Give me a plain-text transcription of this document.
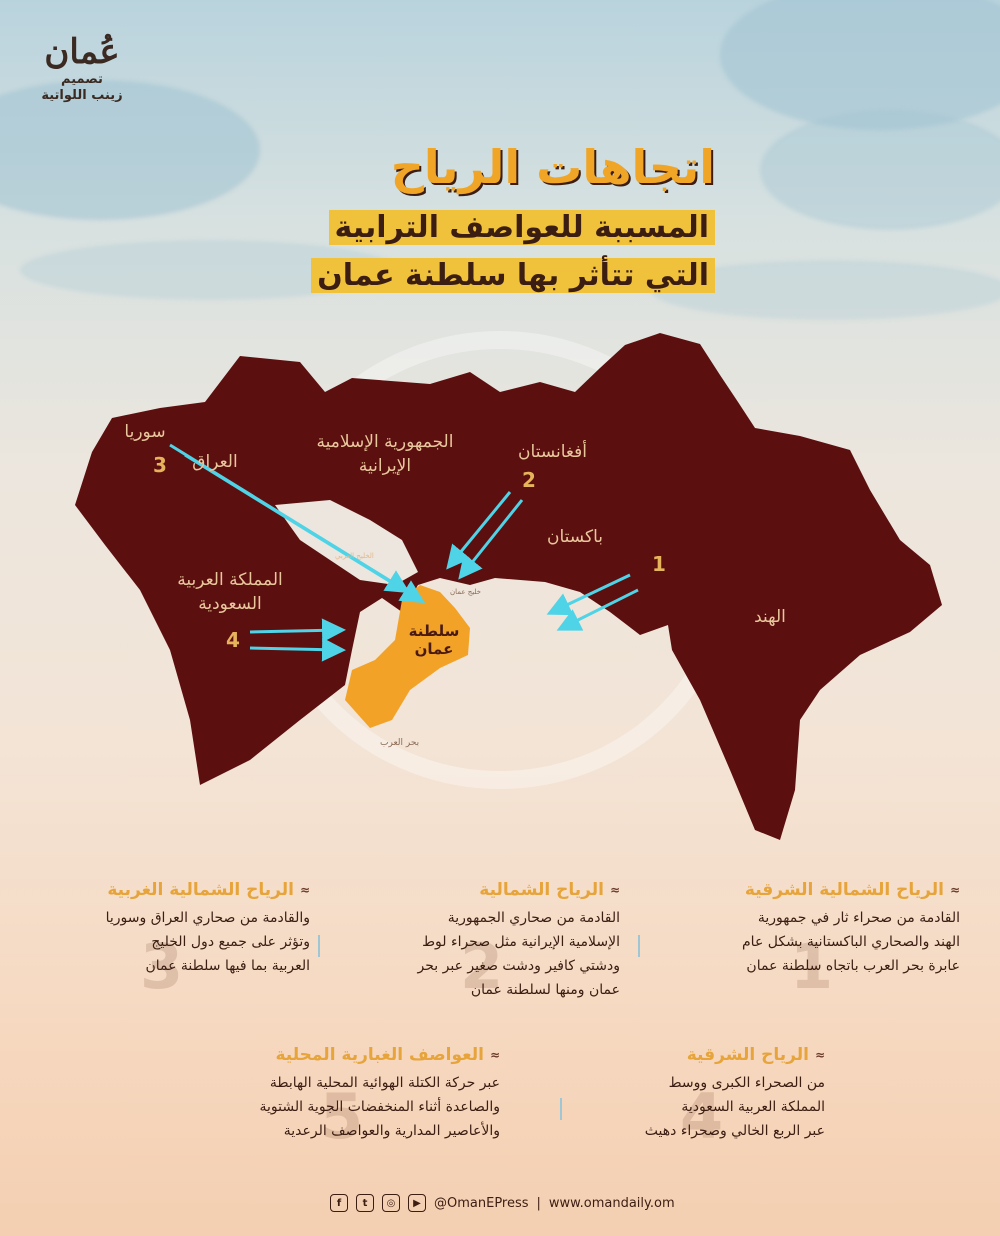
عُمان
تصميم
زينب اللواتية
اتجاهات الرياح
المسببة للعواصف الترابية
التي تتأثر بها سلطنة عمان
سوريا
العراق
الجمهورية الإسلامية الإيرانية
أفغانستان
باكستان
الهند
المملكة العربية السعودية
سلطنة عمان
الخليج العربي
خليج عمان
بحر العرب
1
2
3
4
1
≈
الرياح الشمالية الشرقية

القادمة من صحراء ثار في جمهورية

الهند والصحاري الباكستانية بشكل عام

عابرة بحر العرب باتجاه سلطنة عمان

2
≈
الرياح الشمالية

القادمة من صحاري الجمهورية

الإسلامية الإيرانية مثل صحراء لوط

ودشتي كافير ودشت صغير عبر بحر

عمان ومنها لسلطنة عمان

3
≈
الرياح الشمالية الغربية

والقادمة من صحاري العراق وسوريا

وتؤثر على جميع دول الخليج

العربية بما فيها سلطنة عمان

4
≈
الرياح الشرقية

من الصحراء الكبرى ووسط

المملكة العربية السعودية

عبر الربع الخالي وصحراء دهيث

5
≈
العواصف الغبارية المحلية

عبر حركة الكتلة الهوائية المحلية الهابطة

والصاعدة أثناء المنخفضات الجوية الشتوية

والأعاصير المدارية والعواصف الرعدية

f	t	◎	▶	@OmanEPress | www.omandaily.om
